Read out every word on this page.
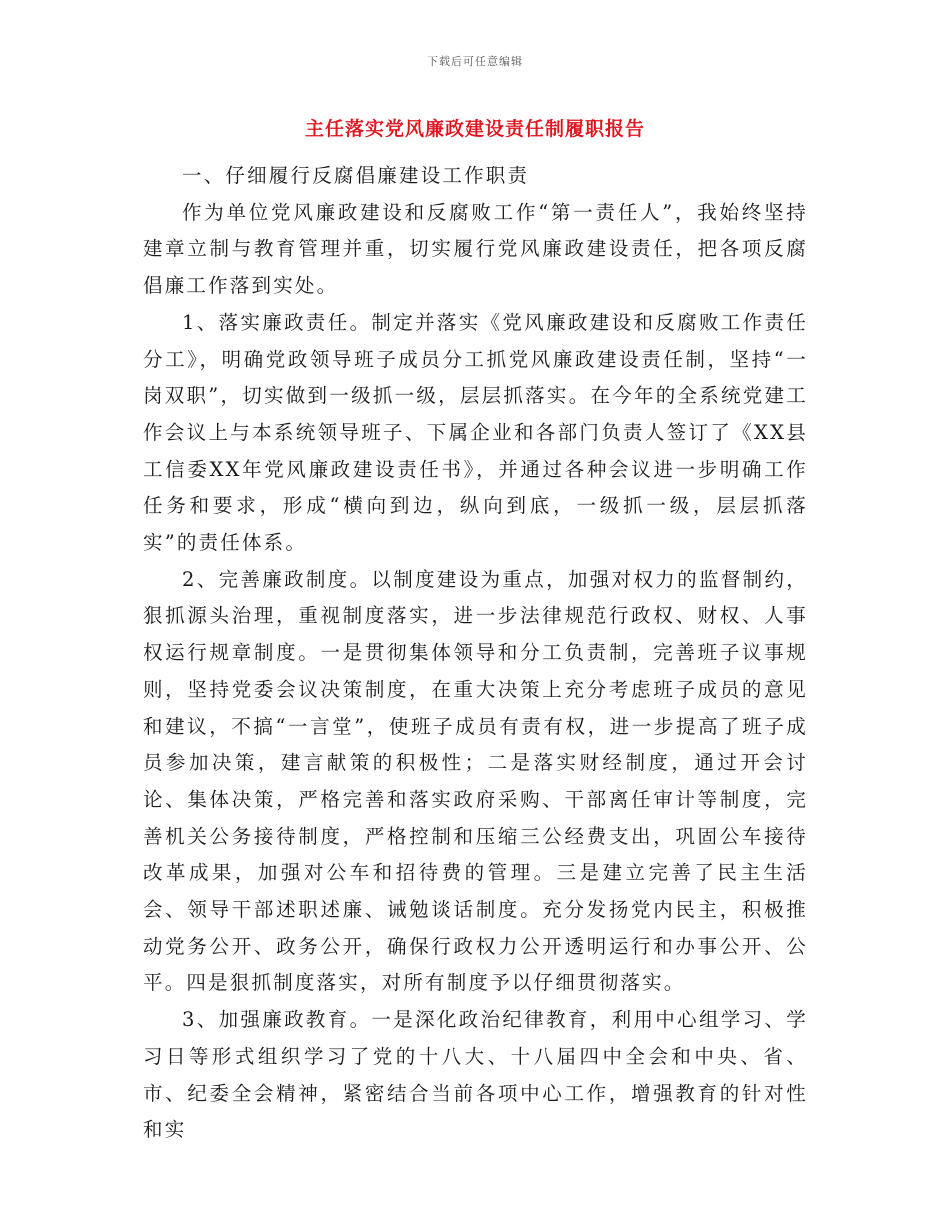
下载后可任意编辑
主任落实党风廉政建设责任制履职报告

一、仔细履行反腐倡廉建设工作职责

作为单位党风廉政建设和反腐败工作“第一责任人”，我始终坚持建章立制与教育管理并重，切实履行党风廉政建设责任，把各项反腐倡廉工作落到实处。

1、落实廉政责任。制定并落实《党风廉政建设和反腐败工作责任分工》，明确党政领导班子成员分工抓党风廉政建设责任制，坚持“一岗双职”，切实做到一级抓一级，层层抓落实。在今年的全系统党建工作会议上与本系统领导班子、下属企业和各部门负责人签订了《XX县工信委XX年党风廉政建设责任书》，并通过各种会议进一步明确工作任务和要求，形成“横向到边，纵向到底，一级抓一级，层层抓落实”的责任体系。

2、完善廉政制度。以制度建设为重点，加强对权力的监督制约，狠抓源头治理，重视制度落实，进一步法律规范行政权、财权、人事权运行规章制度。一是贯彻集体领导和分工负责制，完善班子议事规则，坚持党委会议决策制度，在重大决策上充分考虑班子成员的意见和建议，不搞“一言堂”，使班子成员有责有权，进一步提高了班子成员参加决策，建言献策的积极性；二是落实财经制度，通过开会讨论、集体决策，严格完善和落实政府采购、干部离任审计等制度，完善机关公务接待制度，严格控制和压缩三公经费支出，巩固公车接待改革成果，加强对公车和招待费的管理。三是建立完善了民主生活会、领导干部述职述廉、诫勉谈话制度。充分发扬党内民主，积极推动党务公开、政务公开，确保行政权力公开透明运行和办事公开、公平。四是狠抓制度落实，对所有制度予以仔细贯彻落实。

3、加强廉政教育。一是深化政治纪律教育，利用中心组学习、学习日等形式组织学习了党的十八大、十八届四中全会和中央、省、市、纪委全会精神，紧密结合当前各项中心工作，增强教育的针对性和实
